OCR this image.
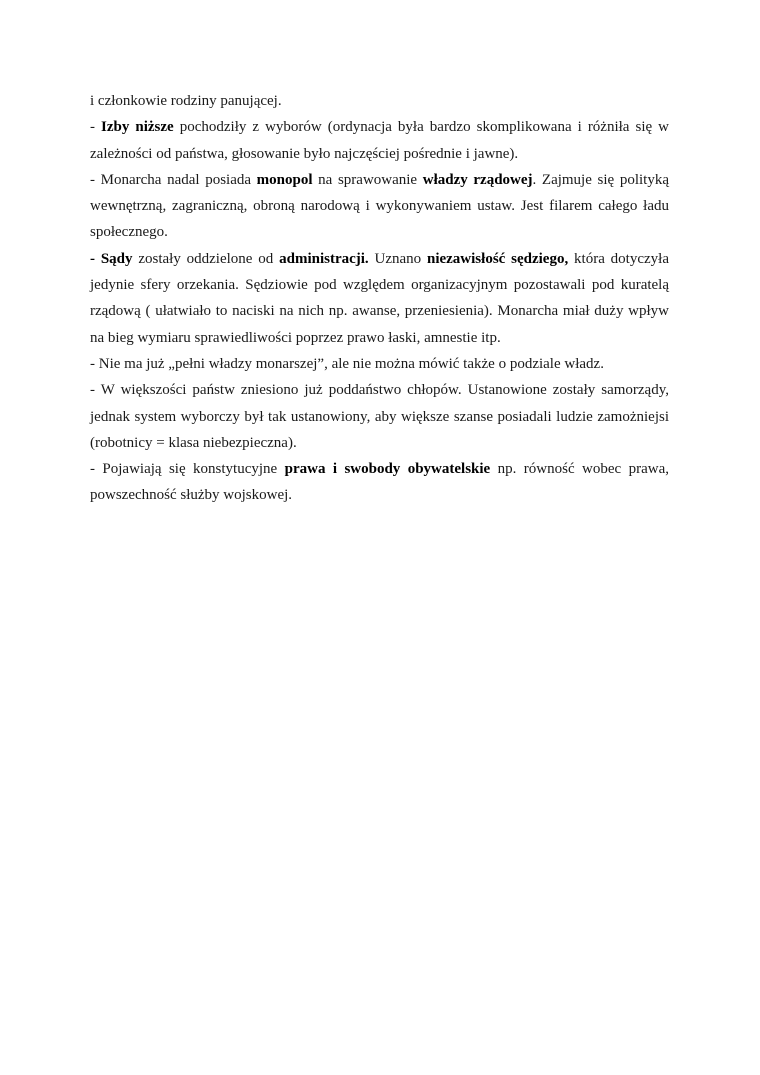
i członkowie rodziny panującej.

- Izby niższe pochodziły z wyborów (ordynacja była bardzo skomplikowana i różniła się w zależności od państwa, głosowanie było najczęściej pośrednie i jawne).

- Monarcha nadal posiada monopol na sprawowanie władzy rządowej. Zajmuje się polityką wewnętrzną, zagraniczną, obroną narodową i wykonywaniem ustaw. Jest filarem całego ładu społecznego.

- Sądy zostały oddzielone od administracji. Uznano niezawisłość sędziego, która dotyczyła jedynie sfery orzekania. Sędziowie pod względem organizacyjnym pozostawali pod kuratelą rządową ( ułatwiało to naciski na nich np. awanse, przeniesienia). Monarcha miał duży wpływ na bieg wymiaru sprawiedliwości poprzez prawo łaski, amnestie itp.

- Nie ma już „pełni władzy monarszej”, ale nie można mówić także o podziale władz.

- W większości państw zniesiono już poddaństwo chłopów. Ustanowione zostały samorządy, jednak system wyborczy był tak ustanowiony, aby większe szanse posiadali ludzie zamożniejsi (robotnicy = klasa niebezpieczna).

- Pojawiają się konstytucyjne prawa i swobody obywatelskie np. równość wobec prawa, powszechność służby wojskowej.
